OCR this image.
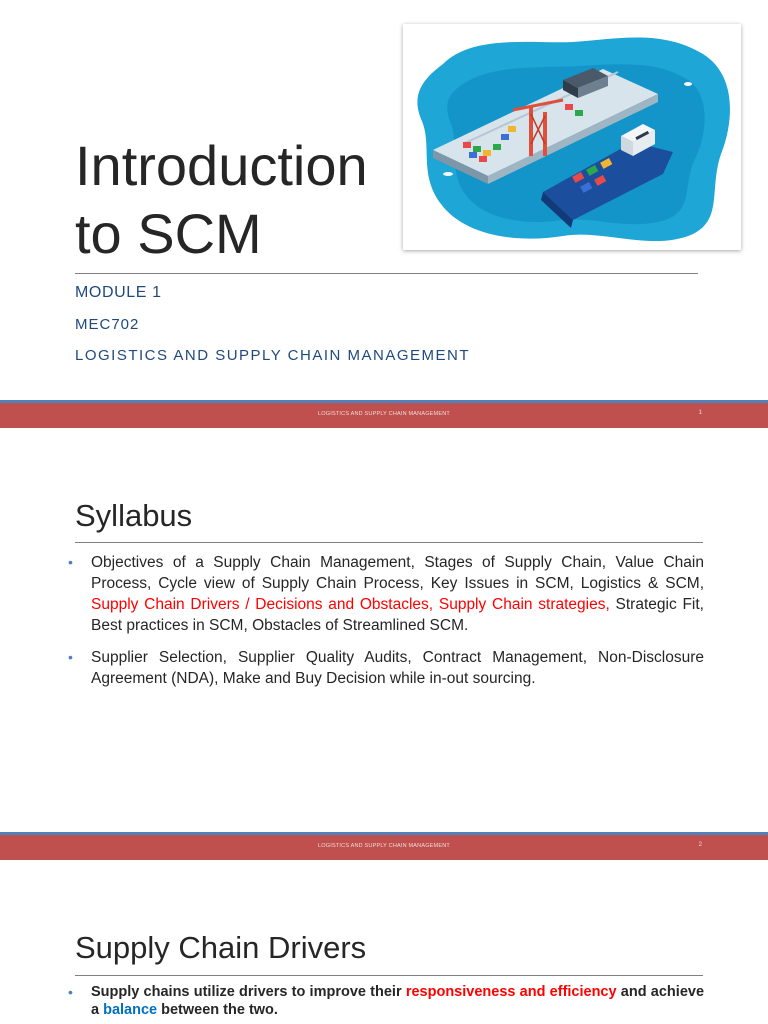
Introduction
to SCM
MODULE 1
MEC702
LOGISTICS AND SUPPLY CHAIN MANAGEMENT
LOGISTICS AND SUPPLY CHAIN MANAGEMENT	1
Syllabus
• Objectives of a Supply Chain Management, Stages of Supply Chain, Value Chain Process, Cycle view of Supply Chain Process, Key Issues in SCM, Logistics & SCM, Supply Chain Drivers / Decisions and Obstacles, Supply Chain strategies, Strategic Fit, Best practices in SCM, Obstacles of Streamlined SCM.
• Supplier Selection, Supplier Quality Audits, Contract Management, Non-Disclosure Agreement (NDA), Make and Buy Decision while in-out sourcing.
LOGISTICS AND SUPPLY CHAIN MANAGEMENT	2
Supply Chain Drivers
• Supply chains utilize drivers to improve their responsiveness and efficiency and achieve a balance between the two.
